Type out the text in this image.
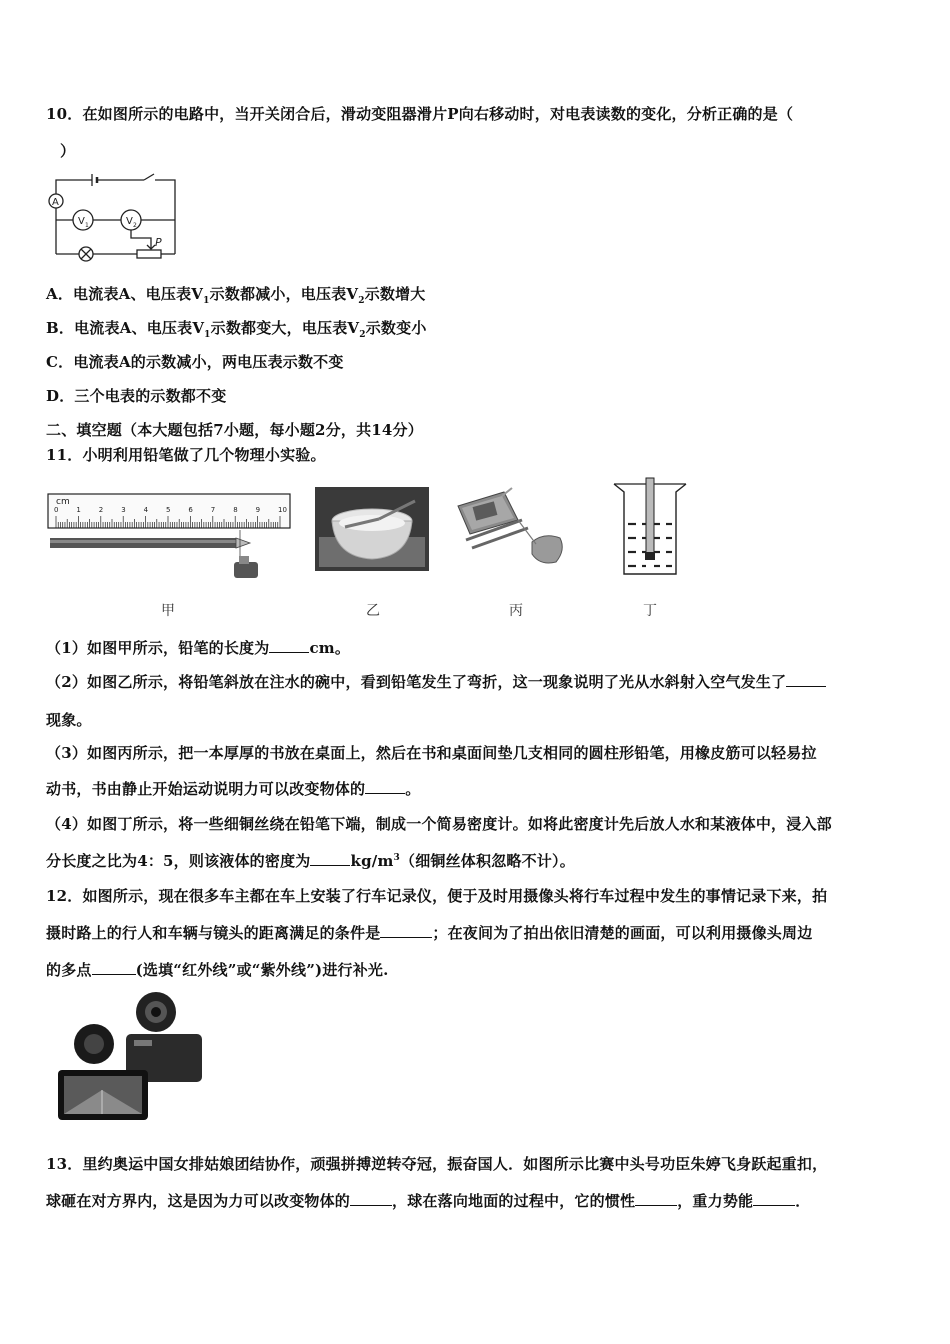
10．在如图所示的电路中，当开关闭合后，滑动变阻器滑片P向右移动时，对电表读数的变化，分析正确的是（
）
A
V 1	V 2
P
A．电流表A、电压表$V_1$示数都减小，电压表$V_2$示数增大
B．电流表A、电压表$V_1$示数都变大，电压表$V_2$示数变小
C．电流表A的示数减小，两电压表示数不变
D．三个电表的示数都不变
二、填空题（本大题包括7小题，每小题2分，共14分）
11．小明利用铅笔做了几个物理小实验。
0	1	2	3	4	5	6	7	8	9	10
cm
甲	乙	丙	丁
（1）如图甲所示，铅笔的长度为	cm。
（2）如图乙所示，将铅笔斜放在注水的碗中，看到铅笔发生了弯折，这一现象说明了光从水斜射入空气发生了
现象。
（3）如图丙所示，把一本厚厚的书放在桌面上，然后在书和桌面间垫几支相同的圆柱形铅笔，用橡皮筋可以轻易拉
动书，书由静止开始运动说明力可以改变物体的	。
（4）如图丁所示，将一些细铜丝绕在铅笔下端，制成一个简易密度计。如将此密度计先后放人水和某液体中，浸入部
分长度之比为4：5，则该液体的密度为	$kg/m^3$（细铜丝体积忽略不计）。
12．如图所示，现在很多车主都在车上安装了行车记录仪，便于及时用摄像头将行车过程中发生的事情记录下来，拍
摄时路上的行人和车辆与镜头的距离满足的条件是	；在夜间为了拍出依旧清楚的画面，可以利用摄像头周边
的多点	(选填“红外线”或“紫外线”)进行补光.
13．里约奥运中国女排姑娘团结协作，顽强拼搏逆转夺冠，振奋国人．如图所示比赛中头号功臣朱婷飞身跃起重扣，
球砸在对方界内，这是因为力可以改变物体的	，球在落向地面的过程中，它的惯性	，重力势能	．
